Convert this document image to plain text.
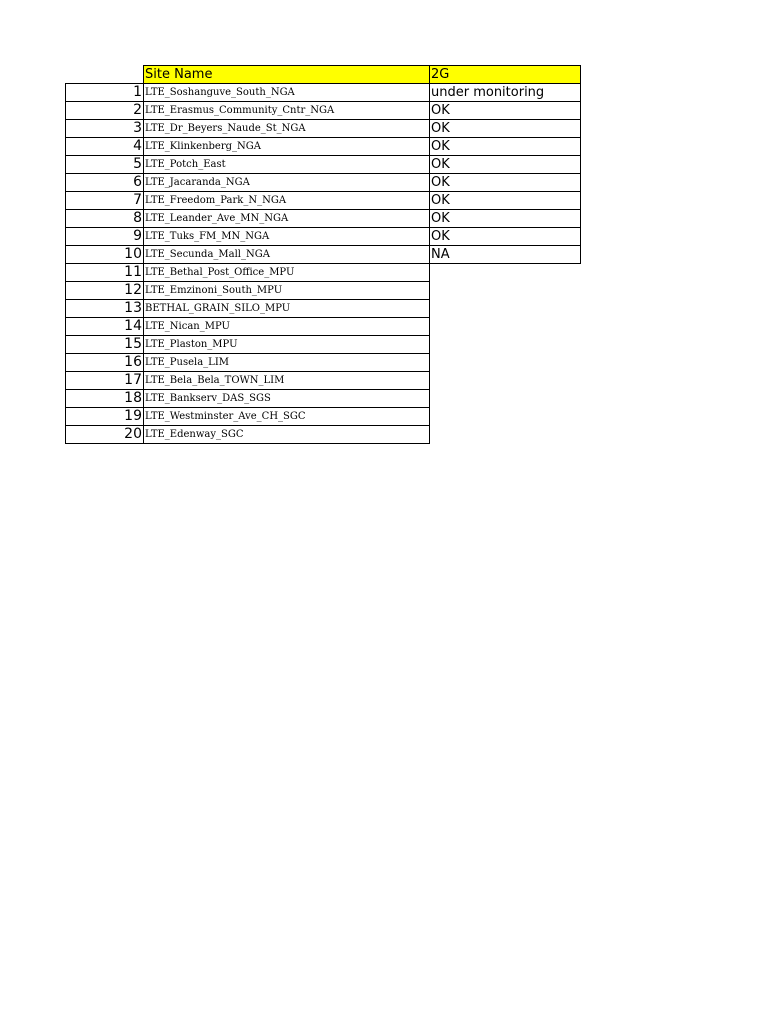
	Site Name	2G
1	LTE_Soshanguve_South_NGA	under monitoring
2	LTE_Erasmus_Community_Cntr_NGA	OK
3	LTE_Dr_Beyers_Naude_St_NGA	OK
4	LTE_Klinkenberg_NGA	OK
5	LTE_Potch_East	OK
6	LTE_Jacaranda_NGA	OK
7	LTE_Freedom_Park_N_NGA	OK
8	LTE_Leander_Ave_MN_NGA	OK
9	LTE_Tuks_FM_MN_NGA	OK
10	LTE_Secunda_Mall_NGA	NA
11	LTE_Bethal_Post_Office_MPU	
12	LTE_Emzinoni_South_MPU	
13	BETHAL_GRAIN_SILO_MPU	
14	LTE_Nican_MPU	
15	LTE_Plaston_MPU	
16	LTE_Pusela_LIM	
17	LTE_Bela_Bela_TOWN_LIM	
18	LTE_Bankserv_DAS_SGS	
19	LTE_Westminster_Ave_CH_SGC	
20	LTE_Edenway_SGC	
